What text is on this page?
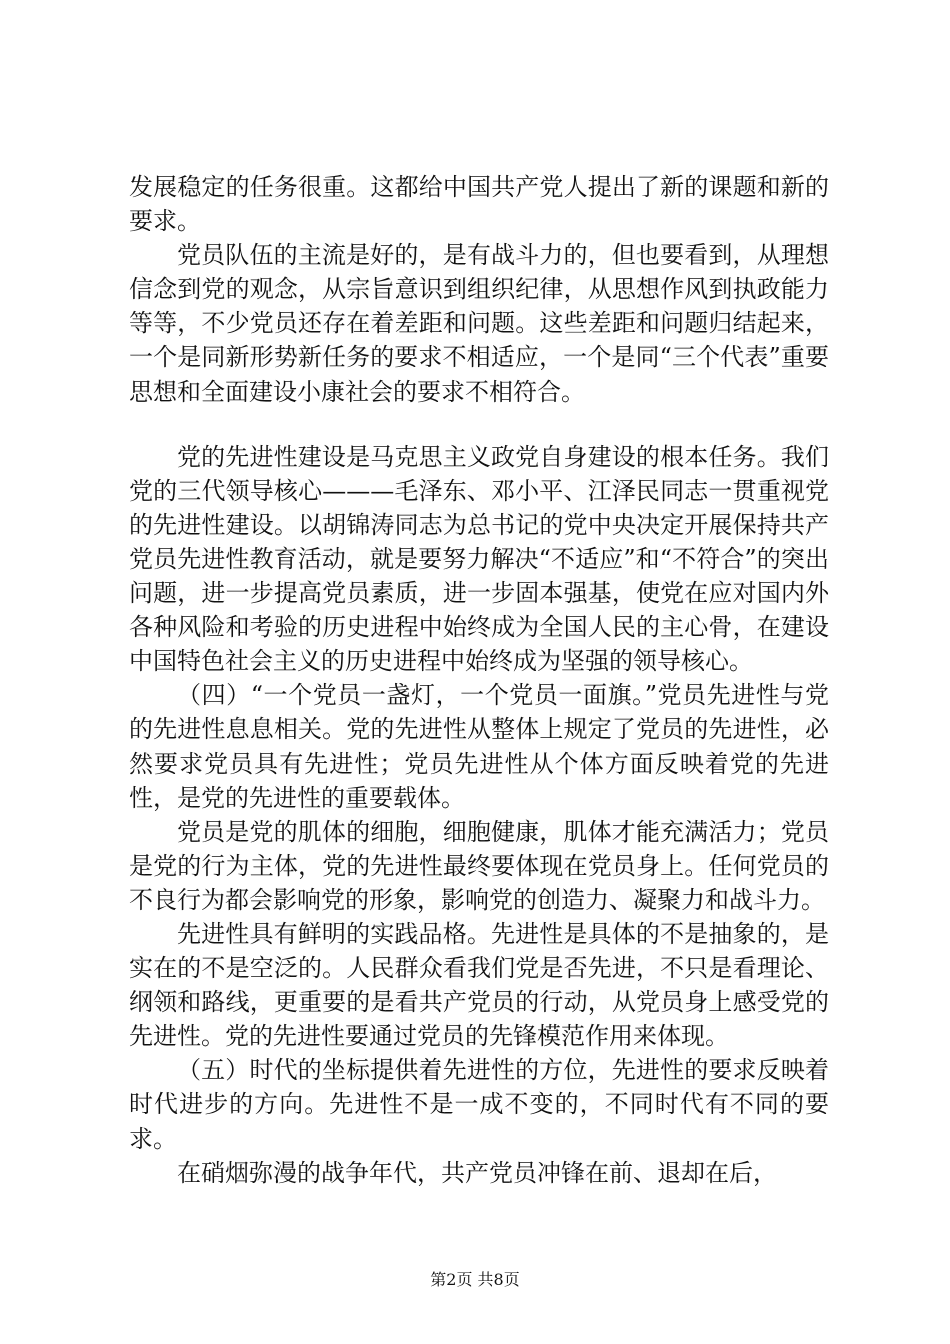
发展稳定的任务很重。这都给中国共产党人提出了新的课题和新的要求。

党员队伍的主流是好的，是有战斗力的，但也要看到，从理想信念到党的观念，从宗旨意识到组织纪律，从思想作风到执政能力等等，不少党员还存在着差距和问题。这些差距和问题归结起来，一个是同新形势新任务的要求不相适应，一个是同“三个代表”重要思想和全面建设小康社会的要求不相符合。

党的先进性建设是马克思主义政党自身建设的根本任务。我们党的三代领导核心———毛泽东、邓小平、江泽民同志一贯重视党的先进性建设。以胡锦涛同志为总书记的党中央决定开展保持共产党员先进性教育活动，就是要努力解决“不适应”和“不符合”的突出问题，进一步提高党员素质，进一步固本强基，使党在应对国内外各种风险和考验的历史进程中始终成为全国人民的主心骨，在建设中国特色社会主义的历史进程中始终成为坚强的领导核心。

（四）“一个党员一盏灯，一个党员一面旗。”党员先进性与党的先进性息息相关。党的先进性从整体上规定了党员的先进性，必然要求党员具有先进性；党员先进性从个体方面反映着党的先进性，是党的先进性的重要载体。

党员是党的肌体的细胞，细胞健康，肌体才能充满活力；党员是党的行为主体，党的先进性最终要体现在党员身上。任何党员的不良行为都会影响党的形象，影响党的创造力、凝聚力和战斗力。

先进性具有鲜明的实践品格。先进性是具体的不是抽象的，是实在的不是空泛的。人民群众看我们党是否先进，不只是看理论、纲领和路线，更重要的是看共产党员的行动，从党员身上感受党的先进性。党的先进性要通过党员的先锋模范作用来体现。

（五）时代的坐标提供着先进性的方位，先进性的要求反映着时代进步的方向。先进性不是一成不变的，不同时代有不同的要求。

在硝烟弥漫的战争年代，共产党员冲锋在前、退却在后，

第2页 共8页
